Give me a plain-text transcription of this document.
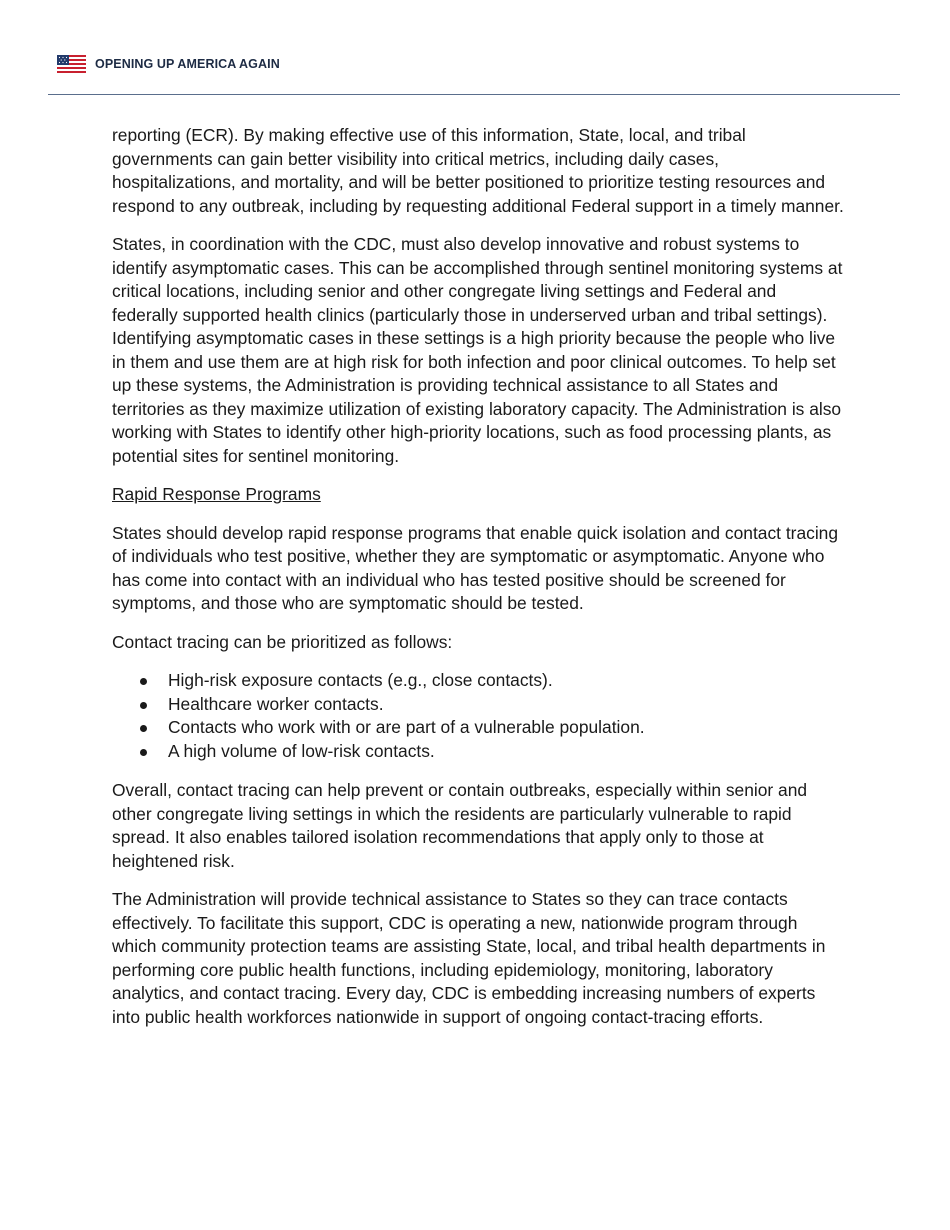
OPENING UP AMERICA AGAIN

reporting (ECR). By making effective use of this information, State, local, and tribal governments can gain better visibility into critical metrics, including daily cases, hospitalizations, and mortality, and will be better positioned to prioritize testing resources and respond to any outbreak, including by requesting additional Federal support in a timely manner.

States, in coordination with the CDC, must also develop innovative and robust systems to identify asymptomatic cases. This can be accomplished through sentinel monitoring systems at critical locations, including senior and other congregate living settings and Federal and federally supported health clinics (particularly those in underserved urban and tribal settings). Identifying asymptomatic cases in these settings is a high priority because the people who live in them and use them are at high risk for both infection and poor clinical outcomes. To help set up these systems, the Administration is providing technical assistance to all States and territories as they maximize utilization of existing laboratory capacity. The Administration is also working with States to identify other high-priority locations, such as food processing plants, as potential sites for sentinel monitoring.

Rapid Response Programs

States should develop rapid response programs that enable quick isolation and contact tracing of individuals who test positive, whether they are symptomatic or asymptomatic. Anyone who has come into contact with an individual who has tested positive should be screened for symptoms, and those who are symptomatic should be tested.

Contact tracing can be prioritized as follows:

High-risk exposure contacts (e.g., close contacts).
Healthcare worker contacts.
Contacts who work with or are part of a vulnerable population.
A high volume of low-risk contacts.

Overall, contact tracing can help prevent or contain outbreaks, especially within senior and other congregate living settings in which the residents are particularly vulnerable to rapid spread. It also enables tailored isolation recommendations that apply only to those at heightened risk.

The Administration will provide technical assistance to States so they can trace contacts effectively. To facilitate this support, CDC is operating a new, nationwide program through which community protection teams are assisting State, local, and tribal health departments in performing core public health functions, including epidemiology, monitoring, laboratory analytics, and contact tracing. Every day, CDC is embedding increasing numbers of experts into public health workforces nationwide in support of ongoing contact-tracing efforts.
